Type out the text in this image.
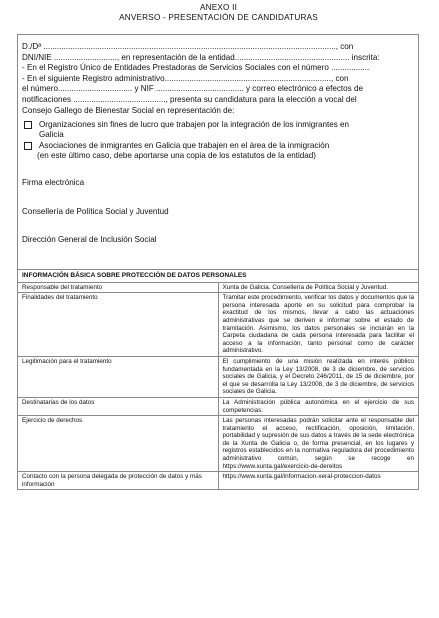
ANEXO II
ANVERSO - PRESENTACIÓN DE CANDIDATURAS
D./Dª .................................................................................................................................., con
DNI/NIE ............................, en representación de la entidad................................................... inscrita:
- En el Registro Único de Entidades Prestadoras de Servicios Sociales con el número .................
- En el siguiente Registro administrativo.........................................................................., con
el número................................. y NIF ....................................... y correo electrónico a efectos de
notificaciones ........................................., presenta su candidatura para la elección a vocal del
Consejo Gallego de Bienestar Social en representación de:
Organizaciones sin fines de lucro que trabajen por la integración de los inmigrantes en
Galicia
Asociaciones de inmigrantes en Galicia que trabajen en el área de la inmigración
(en este último caso, debe aportarse una copia de los estatutos de la entidad)
Firma electrónica
Consellería de Política Social y Juventud
Dirección General de Inclusión Social
INFORMACIÓN BÁSICA SOBRE PROTECCIÓN DE DATOS PERSONALES	
Responsable del tratamiento	Xunta de Galicia. Consellería de Política Social y Juventud.
Finalidades del tratamiento	Tramitar este procedimiento, verificar los datos y documentos que la persona interesada aporte en su solicitud para comprobar la exactitud de los mismos, llevar a cabo las actuaciones administrativas que se deriven e informar sobre el estado de tramitación. Asimismo, los datos personales se incluirán en la Carpeta ciudadana de cada persona interesada para facilitar el acceso a la información, tanto personal como de carácter administrativo.
Legitimación para el tratamiento	El cumplimiento de una misión realizada en interés público fundamentada en la Ley 13/2008, de 3 de diciembre, de servicios sociales de Galicia, y el Decreto 246/2011, de 15 de diciembre, por el que se desarrolla la Ley 13/2008, de 3 de diciembre, de servicios sociales de Galicia.
Destinatarias de los datos	La Administración pública autonómica en el ejercicio de sus competencias.
Ejercicio de derechos	Las personas interesadas podrán solicitar ante el responsable del tratamiento el acceso, rectificación, oposición, limitación, portabilidad y supresión de sus datos a través de la sede electrónica de la Xunta de Galicia o, de forma presencial, en los lugares y registros establecidos en la normativa reguladora del procedimiento administrativo común, según se recoge en https://www.xunta.gal/exercicio-de-dereitos
Contacto con la persona delegada de protección de datos y más información	https://www.xunta.gal/informacion-xeral-proteccion-datos
